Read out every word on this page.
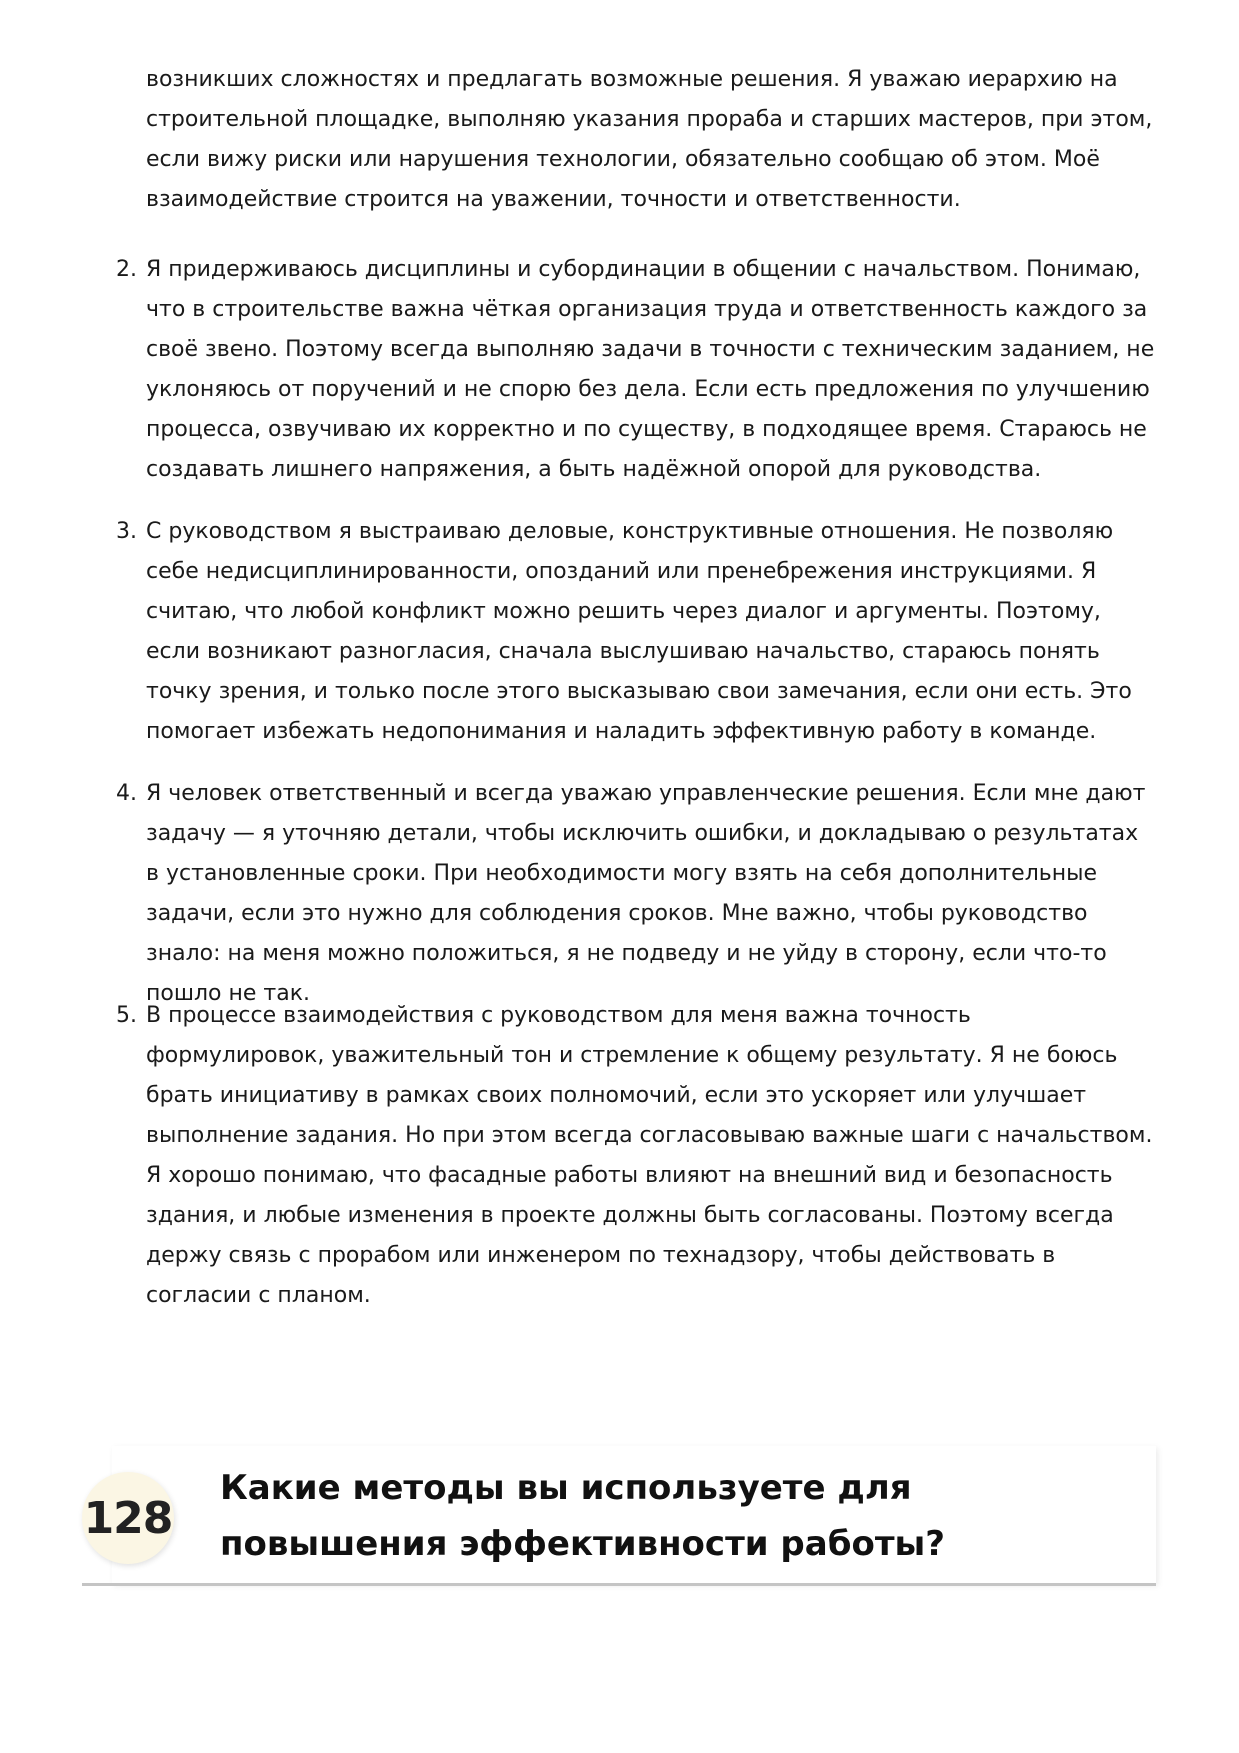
возникших сложностях и предлагать возможные решения. Я уважаю иерархию на строительной площадке, выполняю указания прораба и старших мастеров, при этом, если вижу риски или нарушения технологии, обязательно сообщаю об этом. Моё взаимодействие строится на уважении, точности и ответственности.

2. Я придерживаюсь дисциплины и субординации в общении с начальством. Понимаю, что в строительстве важна чёткая организация труда и ответственность каждого за своё звено. Поэтому всегда выполняю задачи в точности с техническим заданием, не уклоняюсь от поручений и не спорю без дела. Если есть предложения по улучшению процесса, озвучиваю их корректно и по существу, в подходящее время. Стараюсь не создавать лишнего напряжения, а быть надёжной опорой для руководства.
3. С руководством я выстраиваю деловые, конструктивные отношения. Не позволяю себе недисциплинированности, опозданий или пренебрежения инструкциями. Я считаю, что любой конфликт можно решить через диалог и аргументы. Поэтому, если возникают разногласия, сначала выслушиваю начальство, стараюсь понять точку зрения, и только после этого высказываю свои замечания, если они есть. Это помогает избежать недопонимания и наладить эффективную работу в команде.
4. Я человек ответственный и всегда уважаю управленческие решения. Если мне дают задачу — я уточняю детали, чтобы исключить ошибки, и докладываю о результатах в установленные сроки. При необходимости могу взять на себя дополнительные задачи, если это нужно для соблюдения сроков. Мне важно, чтобы руководство знало: на меня можно положиться, я не подведу и не уйду в сторону, если что-то пошло не так.
5. В процессе взаимодействия с руководством для меня важна точность формулировок, уважительный тон и стремление к общему результату. Я не боюсь брать инициативу в рамках своих полномочий, если это ускоряет или улучшает выполнение задания. Но при этом всегда согласовываю важные шаги с начальством. Я хорошо понимаю, что фасадные работы влияют на внешний вид и безопасность здания, и любые изменения в проекте должны быть согласованы. Поэтому всегда держу связь с прорабом или инженером по технадзору, чтобы действовать в согласии с планом.
128
Какие методы вы используете для повышения эффективности работы?
